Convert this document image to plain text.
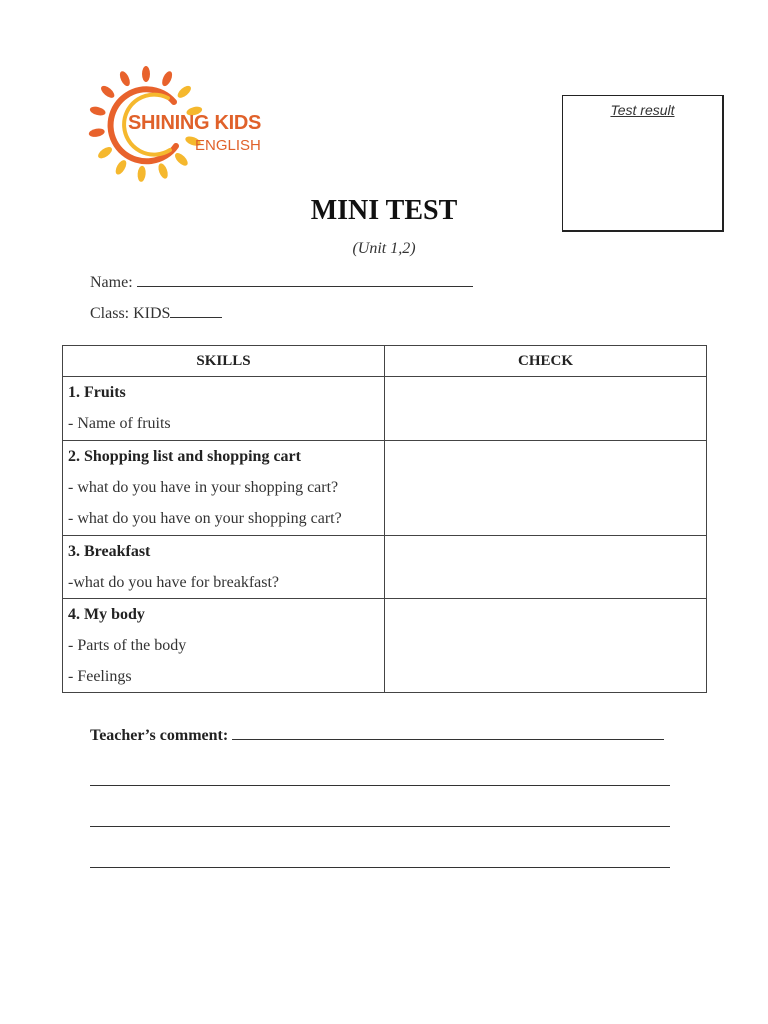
SHINING KIDS
ENGLISH
Test result
MINI TEST
(Unit 1,2)
Name:
Class: KIDS
SKILLS	CHECK

1. Fruits
- Name of fruits	

2. Shopping list and shopping cart
- what do you have in your shopping cart?
- what do you have on your shopping cart?	

3. Breakfast
-what do you have for breakfast?	

4. My body
- Parts of the body
- Feelings	

Teacher’s comment:
